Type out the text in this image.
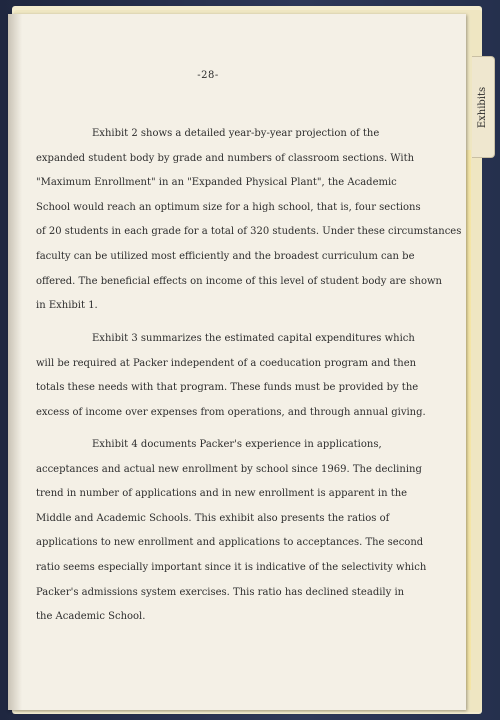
-28-
Exhibit 2 shows a detailed year-by-year projection of the
expanded student body by grade and numbers of classroom sections. With
"Maximum Enrollment" in an "Expanded Physical Plant", the Academic
School would reach an optimum size for a high school, that is, four sections
of 20 students in each grade for a total of 320 students. Under these circumstances
faculty can be utilized most efficiently and the broadest curriculum can be
offered. The beneficial effects on income of this level of student body are shown
in Exhibit 1.
Exhibit 3 summarizes the estimated capital expenditures which
will be required at Packer independent of a coeducation program and then
totals these needs with that program. These funds must be provided by the
excess of income over expenses from operations, and through annual giving.
Exhibit 4 documents Packer's experience in applications,
acceptances and actual new enrollment by school since 1969. The declining
trend in number of applications and in new enrollment is apparent in the
Middle and Academic Schools. This exhibit also presents the ratios of
applications to new enrollment and applications to acceptances. The second
ratio seems especially important since it is indicative of the selectivity which
Packer's admissions system exercises. This ratio has declined steadily in
the Academic School.
Exhibits
